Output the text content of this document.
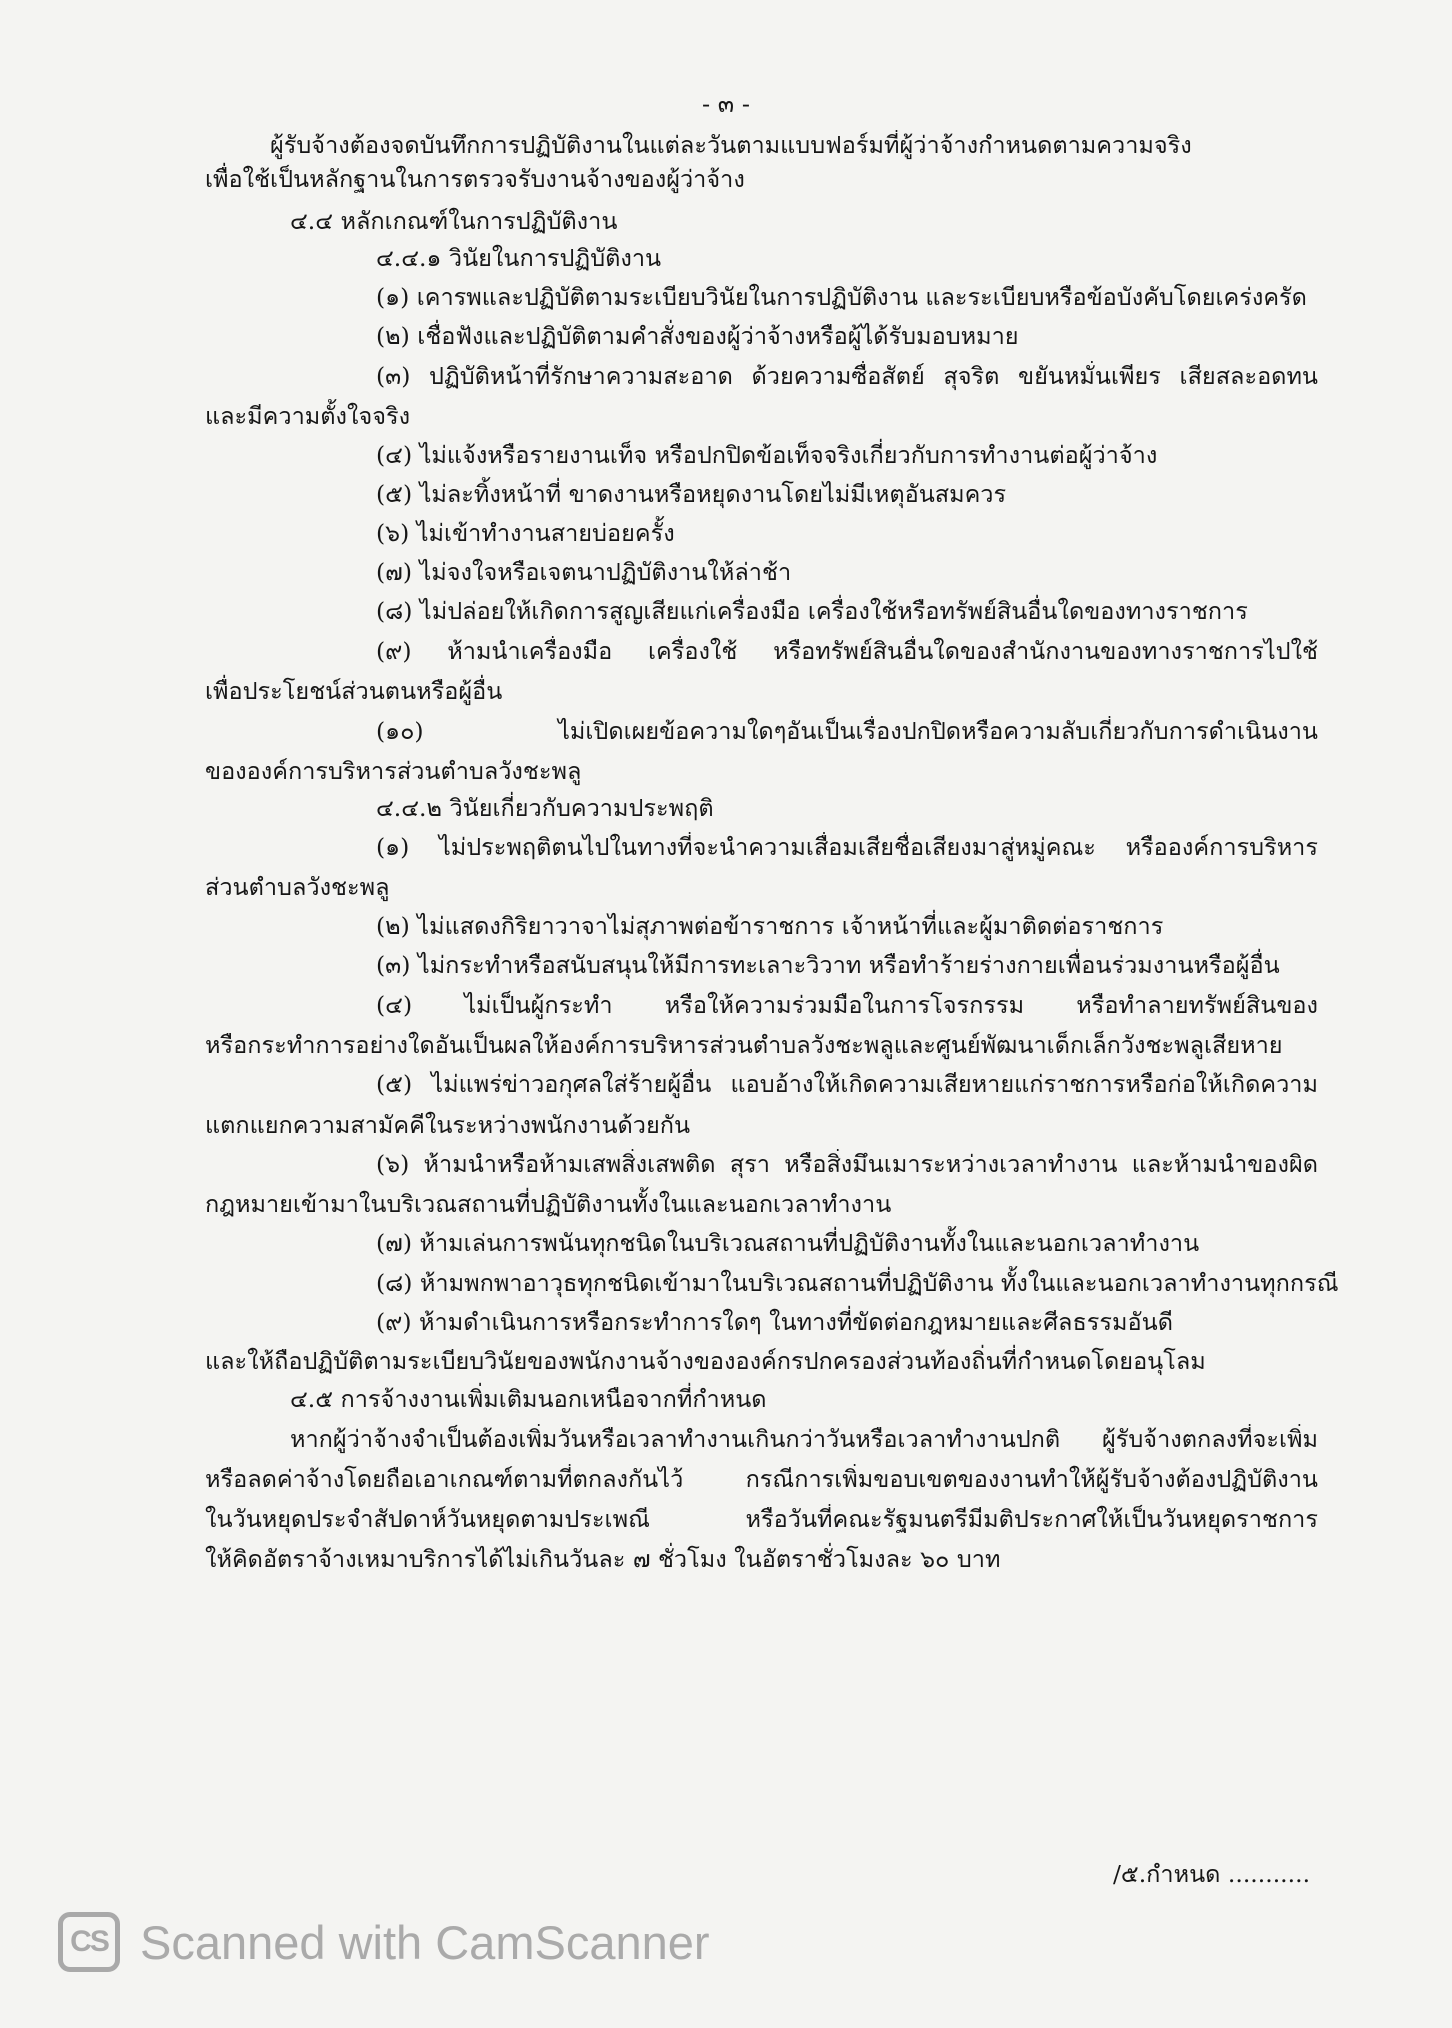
- ๓ -
ผู้รับจ้างต้องจดบันทึกการปฏิบัติงานในแต่ละวันตามแบบฟอร์มที่ผู้ว่าจ้างกำหนดตามความจริง
เพื่อใช้เป็นหลักฐานในการตรวจรับงานจ้างของผู้ว่าจ้าง
๔.๔ หลักเกณฑ์ในการปฏิบัติงาน
๔.๔.๑ วินัยในการปฏิบัติงาน
(๑) เคารพและปฏิบัติตามระเบียบวินัยในการปฏิบัติงาน และระเบียบหรือข้อบังคับโดยเคร่งครัด
(๒) เชื่อฟังและปฏิบัติตามคำสั่งของผู้ว่าจ้างหรือผู้ได้รับมอบหมาย
(๓) ปฏิบัติหน้าที่รักษาความสะอาด ด้วยความซื่อสัตย์ สุจริต ขยันหมั่นเพียร เสียสละอดทน
และมีความตั้งใจจริง
(๔) ไม่แจ้งหรือรายงานเท็จ หรือปกปิดข้อเท็จจริงเกี่ยวกับการทำงานต่อผู้ว่าจ้าง
(๕) ไม่ละทิ้งหน้าที่ ขาดงานหรือหยุดงานโดยไม่มีเหตุอันสมควร
(๖) ไม่เข้าทำงานสายบ่อยครั้ง
(๗) ไม่จงใจหรือเจตนาปฏิบัติงานให้ล่าช้า
(๘) ไม่ปล่อยให้เกิดการสูญเสียแก่เครื่องมือ เครื่องใช้หรือทรัพย์สินอื่นใดของทางราชการ
(๙) ห้ามนำเครื่องมือ เครื่องใช้ หรือทรัพย์สินอื่นใดของสำนักงานของทางราชการไปใช้
เพื่อประโยชน์ส่วนตนหรือผู้อื่น
(๑๐) ไม่เปิดเผยข้อความใดๆอันเป็นเรื่องปกปิดหรือความลับเกี่ยวกับการดำเนินงาน
ขององค์การบริหารส่วนตำบลวังชะพลู
๔.๔.๒ วินัยเกี่ยวกับความประพฤติ
(๑) ไม่ประพฤติตนไปในทางที่จะนำความเสื่อมเสียชื่อเสียงมาสู่หมู่คณะ หรือองค์การบริหาร
ส่วนตำบลวังชะพลู
(๒) ไม่แสดงกิริยาวาจาไม่สุภาพต่อข้าราชการ เจ้าหน้าที่และผู้มาติดต่อราชการ
(๓) ไม่กระทำหรือสนับสนุนให้มีการทะเลาะวิวาท หรือทำร้ายร่างกายเพื่อนร่วมงานหรือผู้อื่น
(๔) ไม่เป็นผู้กระทำ หรือให้ความร่วมมือในการโจรกรรม หรือทำลายทรัพย์สินของ
หรือกระทำการอย่างใดอันเป็นผลให้องค์การบริหารส่วนตำบลวังชะพลูและศูนย์พัฒนาเด็กเล็กวังชะพลูเสียหาย
(๕) ไม่แพร่ข่าวอกุศลใส่ร้ายผู้อื่น แอบอ้างให้เกิดความเสียหายแก่ราชการหรือก่อให้เกิดความ
แตกแยกความสามัคคีในระหว่างพนักงานด้วยกัน
(๖) ห้ามนำหรือห้ามเสพสิ่งเสพติด สุรา หรือสิ่งมึนเมาระหว่างเวลาทำงาน และห้ามนำของผิด
กฎหมายเข้ามาในบริเวณสถานที่ปฏิบัติงานทั้งในและนอกเวลาทำงาน
(๗) ห้ามเล่นการพนันทุกชนิดในบริเวณสถานที่ปฏิบัติงานทั้งในและนอกเวลาทำงาน
(๘) ห้ามพกพาอาวุธทุกชนิดเข้ามาในบริเวณสถานที่ปฏิบัติงาน ทั้งในและนอกเวลาทำงานทุกกรณี
(๙) ห้ามดำเนินการหรือกระทำการใดๆ ในทางที่ขัดต่อกฎหมายและศีลธรรมอันดี
และให้ถือปฏิบัติตามระเบียบวินัยของพนักงานจ้างขององค์กรปกครองส่วนท้องถิ่นที่กำหนดโดยอนุโลม
๔.๕ การจ้างงานเพิ่มเติมนอกเหนือจากที่กำหนด
หากผู้ว่าจ้างจำเป็นต้องเพิ่มวันหรือเวลาทำงานเกินกว่าวันหรือเวลาทำงานปกติ ผู้รับจ้างตกลงที่จะเพิ่ม
หรือลดค่าจ้างโดยถือเอาเกณฑ์ตามที่ตกลงกันไว้ กรณีการเพิ่มขอบเขตของงานทำให้ผู้รับจ้างต้องปฏิบัติงาน
ในวันหยุดประจำสัปดาห์วันหยุดตามประเพณี หรือวันที่คณะรัฐมนตรีมีมติประกาศให้เป็นวันหยุดราชการ
ให้คิดอัตราจ้างเหมาบริการได้ไม่เกินวันละ ๗ ชั่วโมง ในอัตราชั่วโมงละ ๖๐ บาท
/๕.กำหนด ...........
CS Scanned with CamScanner
